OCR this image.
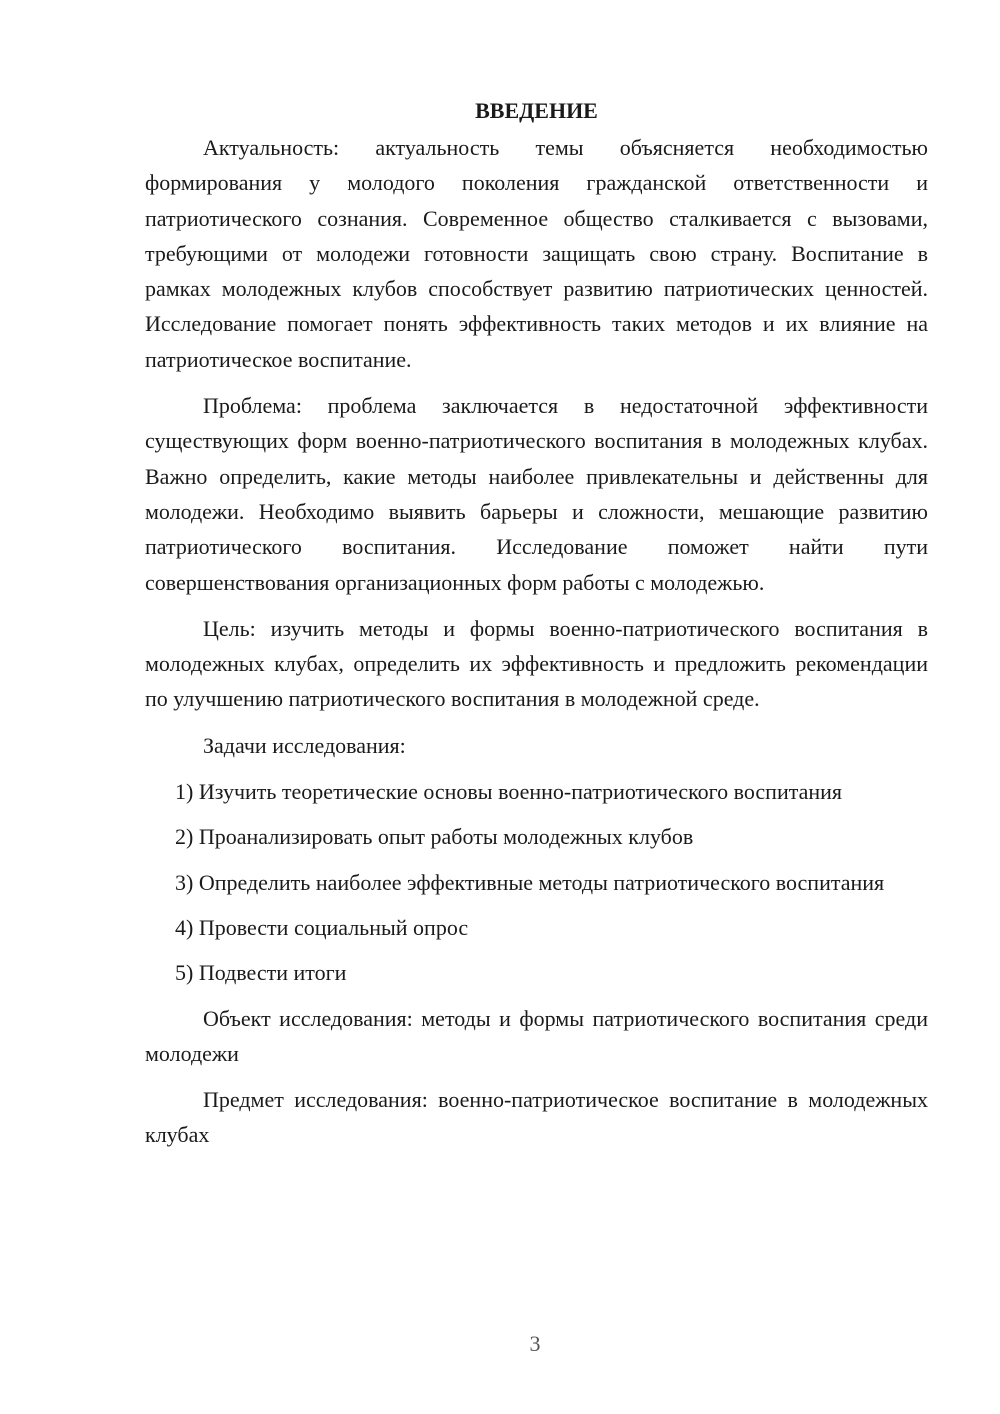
ВВЕДЕНИЕ

Актуальность: актуальность темы объясняется необходимостью формирования у молодого поколения гражданской ответственности и патриотического сознания. Современное общество сталкивается с вызовами, требующими от молодежи готовности защищать свою страну. Воспитание в рамках молодежных клубов способствует развитию патриотических ценностей. Исследование помогает понять эффективность таких методов и их влияние на патриотическое воспитание.

Проблема: проблема заключается в недостаточной эффективности существующих форм военно-патриотического воспитания в молодежных клубах. Важно определить, какие методы наиболее привлекательны и действенны для молодежи. Необходимо выявить барьеры и сложности, мешающие развитию патриотического воспитания. Исследование поможет найти пути совершенствования организационных форм работы с молодежью.

Цель: изучить методы и формы военно-патриотического воспитания в молодежных клубах, определить их эффективность и предложить рекомендации по улучшению патриотического воспитания в молодежной среде.

Задачи исследования:

1) Изучить теоретические основы военно-патриотического воспитания

2) Проанализировать опыт работы молодежных клубов

3) Определить наиболее эффективные методы патриотического воспитания

4) Провести социальный опрос

5) Подвести итоги

Объект исследования: методы и формы патриотического воспитания среди молодежи

Предмет исследования: военно-патриотическое воспитание в молодежных клубах

3
